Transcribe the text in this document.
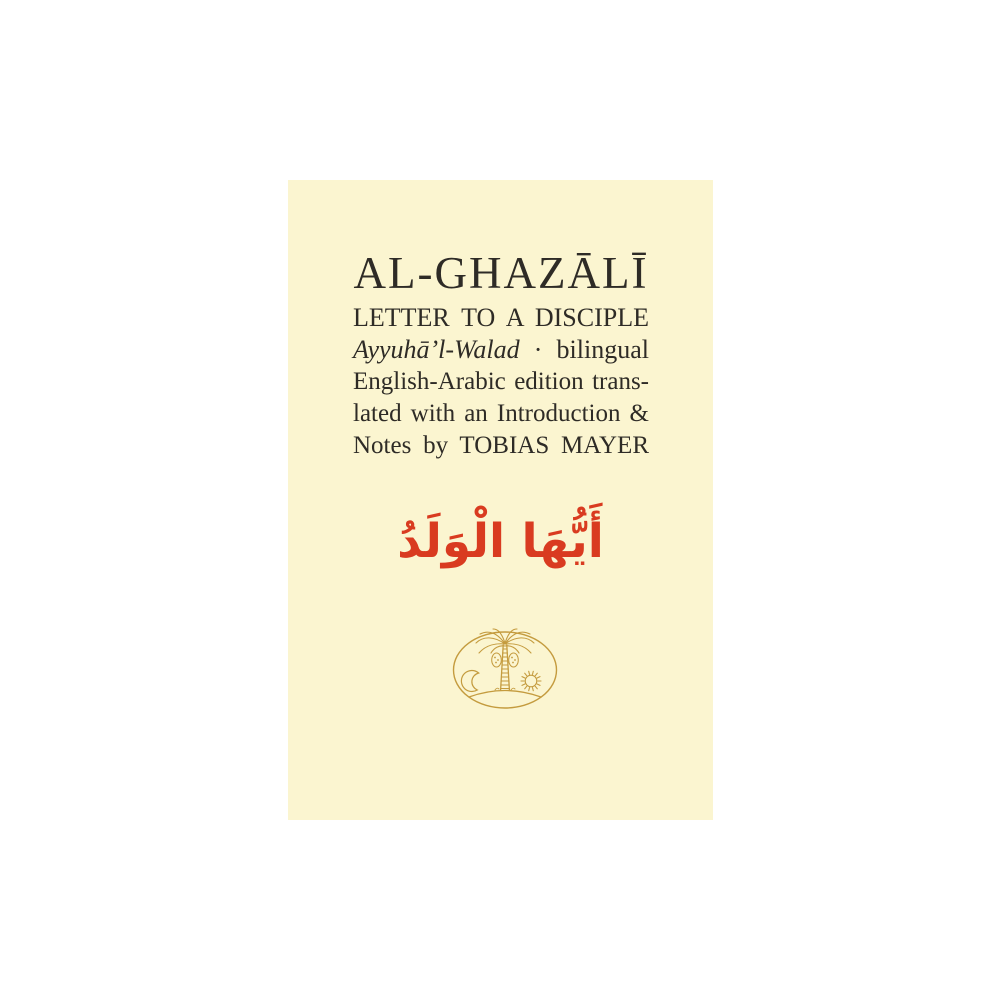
AL-GHAZĀLĪ
LETTER TO A DISCIPLE
Ayyuhā’l-Walad · bilingual
English-Arabic edition trans-
lated with an Introduction &
Notes by TOBIAS MAYER
أَيُّهَا الْوَلَدُ
